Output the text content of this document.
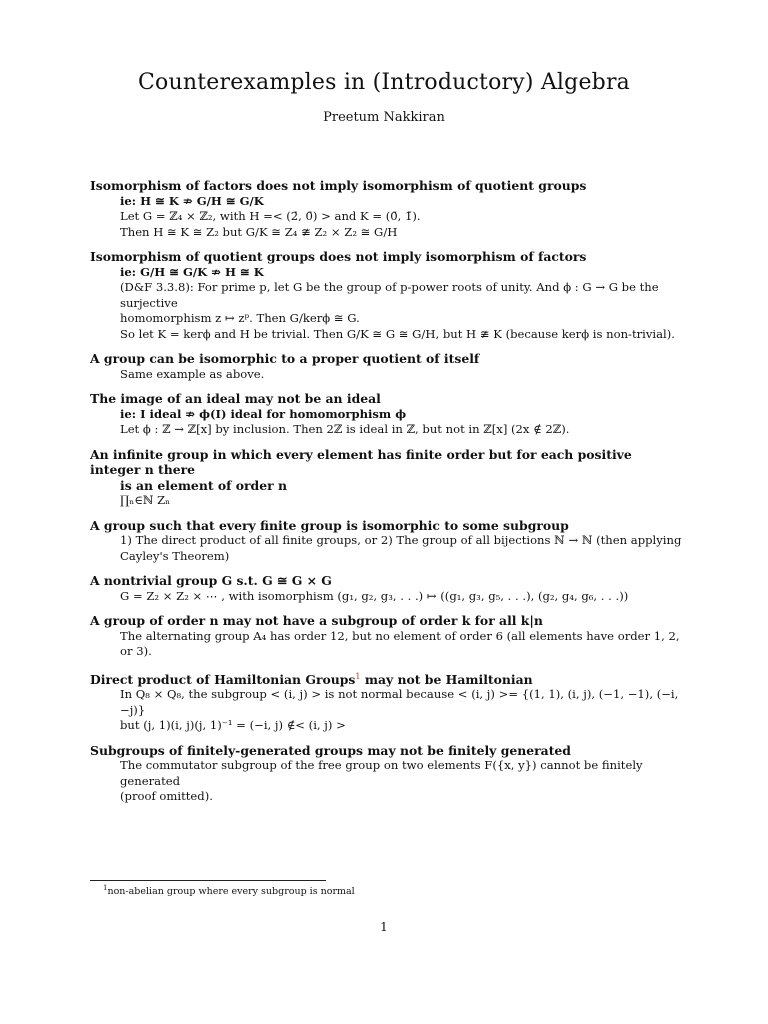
Counterexamples in (Introductory) Algebra
Preetum Nakkiran
Isomorphism of factors does not imply isomorphism of quotient groups
ie: H ≅ K ⇏ G/H ≅ G/K
Let G = ℤ₄ × ℤ₂, with H =< (2̄, 0̄) > and K = (0̄, 1̄).
Then H ≅ K ≅ Z₂ but G/K ≅ Z₄ ≇ Z₂ × Z₂ ≅ G/H
Isomorphism of quotient groups does not imply isomorphism of factors
ie: G/H ≅ G/K ⇏ H ≅ K
(D&F 3.3.8): For prime p, let G be the group of p-power roots of unity. And ϕ : G → G be the surjective
homomorphism z ↦ zᵖ. Then G/kerϕ ≅ G.
So let K = kerϕ and H be trivial. Then G/K ≅ G ≅ G/H, but H ≇ K (because kerϕ is non-trivial).
A group can be isomorphic to a proper quotient of itself
Same example as above.
The image of an ideal may not be an ideal
ie: I ideal ⇏ ϕ(I) ideal for homomorphism ϕ
Let ϕ : ℤ → ℤ[x] by inclusion. Then 2ℤ is ideal in ℤ, but not in ℤ[x] (2x ∉ 2ℤ).
An infinite group in which every element has finite order but for each positive integer n there
is an element of order n
∏ₙ∈ℕ Zₙ
A group such that every finite group is isomorphic to some subgroup
1) The direct product of all finite groups, or 2) The group of all bijections ℕ → ℕ (then applying
Cayley's Theorem)
A nontrivial group G s.t. G ≅ G × G
G = Z₂ × Z₂ × ⋯ , with isomorphism (g₁, g₂, g₃, . . .) ↦ ((g₁, g₃, g₅, . . .), (g₂, g₄, g₆, . . .))
A group of order n may not have a subgroup of order k for all k|n
The alternating group A₄ has order 12, but no element of order 6 (all elements have order 1, 2, or 3).
Direct product of Hamiltonian Groups$^1$ may not be Hamiltonian
In Q₈ × Q₈, the subgroup < (i, j) > is not normal because < (i, j) >= {(1, 1), (i, j), (−1, −1), (−i, −j)}
but (j, 1)(i, j)(j, 1)⁻¹ = (−i, j) ∉< (i, j) >
Subgroups of finitely-generated groups may not be finitely generated
The commutator subgroup of the free group on two elements F({x, y}) cannot be finitely generated
(proof omitted).
$^1$non-abelian group where every subgroup is normal
1
